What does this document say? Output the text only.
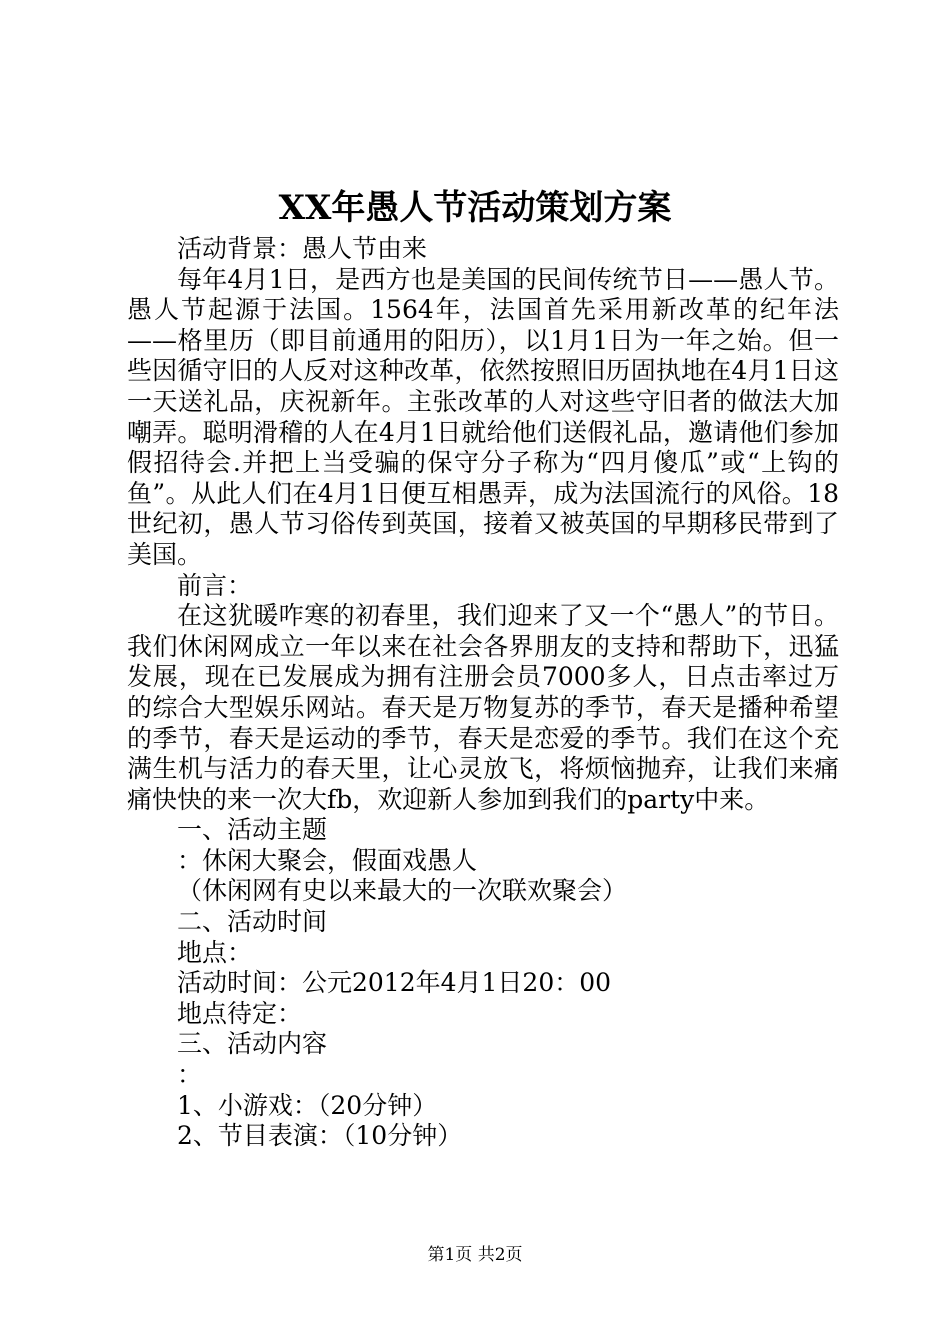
XX年愚人节活动策划方案

活动背景：愚人节由来

每年4月1日，是西方也是美国的民间传统节日——愚人节。愚人节起源于法国。1564年，法国首先采用新改革的纪年法——格里历（即目前通用的阳历），以1月1日为一年之始。但一些因循守旧的人反对这种改革，依然按照旧历固执地在4月1日这一天送礼品，庆祝新年。主张改革的人对这些守旧者的做法大加嘲弄。聪明滑稽的人在4月1日就给他们送假礼品，邀请他们参加假招待会.并把上当受骗的保守分子称为“四月傻瓜”或“上钩的鱼”。从此人们在4月1日便互相愚弄，成为法国流行的风俗。18世纪初，愚人节习俗传到英国，接着又被英国的早期移民带到了美国。

前言：

在这犹暖咋寒的初春里，我们迎来了又一个“愚人”的节日。我们休闲网成立一年以来在社会各界朋友的支持和帮助下，迅猛发展，现在已发展成为拥有注册会员7000多人，日点击率过万的综合大型娱乐网站。春天是万物复苏的季节，春天是播种希望的季节，春天是运动的季节，春天是恋爱的季节。我们在这个充满生机与活力的春天里，让心灵放飞，将烦恼抛弃，让我们来痛痛快快的来一次大fb，欢迎新人参加到我们的party中来。

一、活动主题

：休闲大聚会，假面戏愚人

（休闲网有史以来最大的一次联欢聚会）

二、活动时间

地点：

活动时间：公元2012年4月1日20：00

地点待定：

三、活动内容

：

1、小游戏：（20分钟）

2、节目表演：（10分钟）

第1页 共2页
